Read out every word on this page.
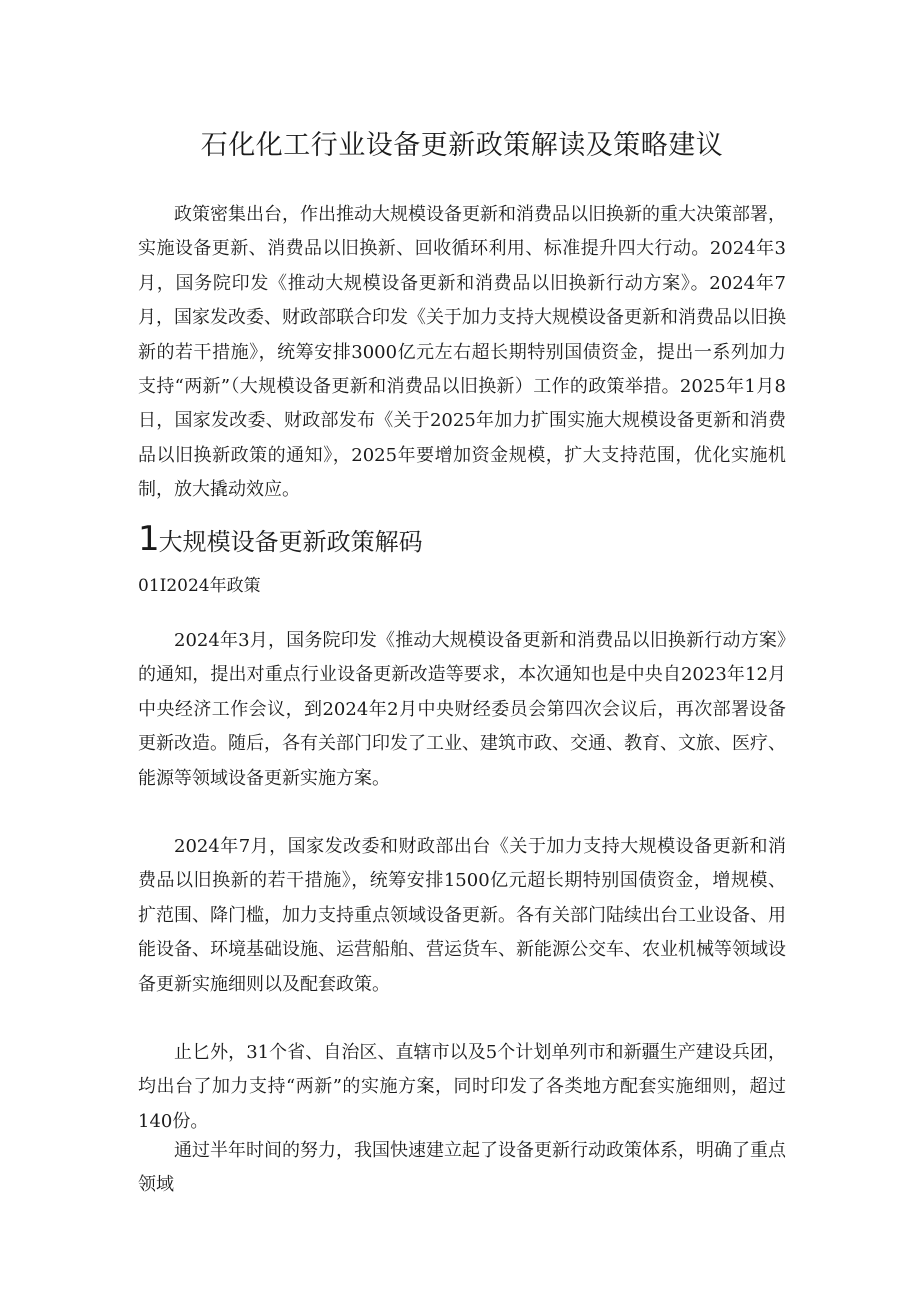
石化化工行业设备更新政策解读及策略建议

政策密集出台，作出推动大规模设备更新和消费品以旧换新的重大决策部署，实施设备更新、消费品以旧换新、回收循环利用、标准提升四大行动。2024年3月，国务院印发《推动大规模设备更新和消费品以旧换新行动方案》。2024年7月，国家发改委、财政部联合印发《关于加力支持大规模设备更新和消费品以旧换新的若干措施》，统筹安排3000亿元左右超长期特别国债资金，提出一系列加力支持“两新”（大规模设备更新和消费品以旧换新）工作的政策举措。2025年1月8日，国家发改委、财政部发布《关于2025年加力扩围实施大规模设备更新和消费品以旧换新政策的通知》，2025年要增加资金规模，扩大支持范围，优化实施机制，放大撬动效应。

1大规模设备更新政策解码
01I2024年政策

2024年3月，国务院印发《推动大规模设备更新和消费品以旧换新行动方案》的通知，提出对重点行业设备更新改造等要求，本次通知也是中央自2023年12月中央经济工作会议，到2024年2月中央财经委员会第四次会议后，再次部署设备更新改造。随后，各有关部门印发了工业、建筑市政、交通、教育、文旅、医疗、能源等领域设备更新实施方案。

2024年7月，国家发改委和财政部出台《关于加力支持大规模设备更新和消费品以旧换新的若干措施》，统筹安排1500亿元超长期特别国债资金，增规模、扩范围、降门槛，加力支持重点领域设备更新。各有关部门陆续出台工业设备、用能设备、环境基础设施、运营船舶、营运货车、新能源公交车、农业机械等领域设备更新实施细则以及配套政策。

止匕外，31个省、自治区、直辖市以及5个计划单列市和新疆生产建设兵团，均出台了加力支持“两新”的实施方案，同时印发了各类地方配套实施细则，超过140份。

通过半年时间的努力，我国快速建立起了设备更新行动政策体系，明确了重点领域
